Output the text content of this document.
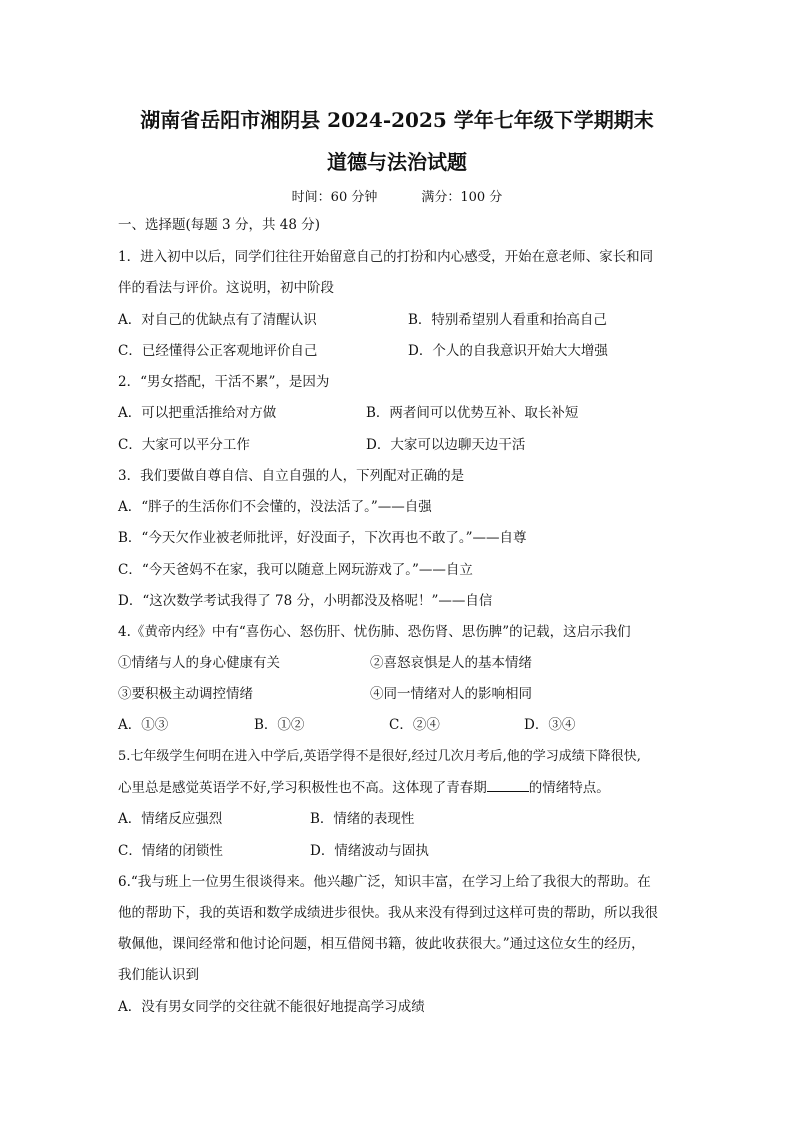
湖南省岳阳市湘阴县 2024-2025 学年七年级下学期期末
道德与法治试题
时间：60 分钟	满分：100 分
一、选择题(每题 3 分，共 48 分)
1．进入初中以后，同学们往往开始留意自己的打扮和内心感受，开始在意老师、家长和同
伴的看法与评价。这说明，初中阶段
A．对自己的优缺点有了清醒认识	B．特别希望别人看重和抬高自己
C．已经懂得公正客观地评价自己	D．个人的自我意识开始大大增强
2．“男女搭配，干活不累”，是因为
A．可以把重活推给对方做	B．两者间可以优势互补、取长补短
C．大家可以平分工作	D．大家可以边聊天边干活
3．我们要做自尊自信、自立自强的人，下列配对正确的是
A．“胖子的生活你们不会懂的，没法活了。”——自强
B．“今天欠作业被老师批评，好没面子，下次再也不敢了。”——自尊
C．“今天爸妈不在家，我可以随意上网玩游戏了。”——自立
D．“这次数学考试我得了 78 分，小明都没及格呢！”——自信
4.《黄帝内经》中有“喜伤心、怒伤肝、忧伤肺、恐伤肾、思伤脾”的记载，这启示我们
①情绪与人的身心健康有关	②喜怒哀惧是人的基本情绪
③要积极主动调控情绪	④同一情绪对人的影响相同
A．①③	B．①②	C．②④	D．③④
5.七年级学生何明在进入中学后,英语学得不是很好,经过几次月考后,他的学习成绩下降很快,
心里总是感觉英语学不好,学习积极性也不高。这体现了青春期	的情绪特点。
A．情绪反应强烈	B．情绪的表现性
C．情绪的闭锁性	D．情绪波动与固执
6.“我与班上一位男生很谈得来。他兴趣广泛，知识丰富，在学习上给了我很大的帮助。在
他的帮助下，我的英语和数学成绩进步很快。我从来没有得到过这样可贵的帮助，所以我很
敬佩他，课间经常和他讨论问题，相互借阅书籍，彼此收获很大。”通过这位女生的经历，
我们能认识到
A．没有男女同学的交往就不能很好地提高学习成绩
